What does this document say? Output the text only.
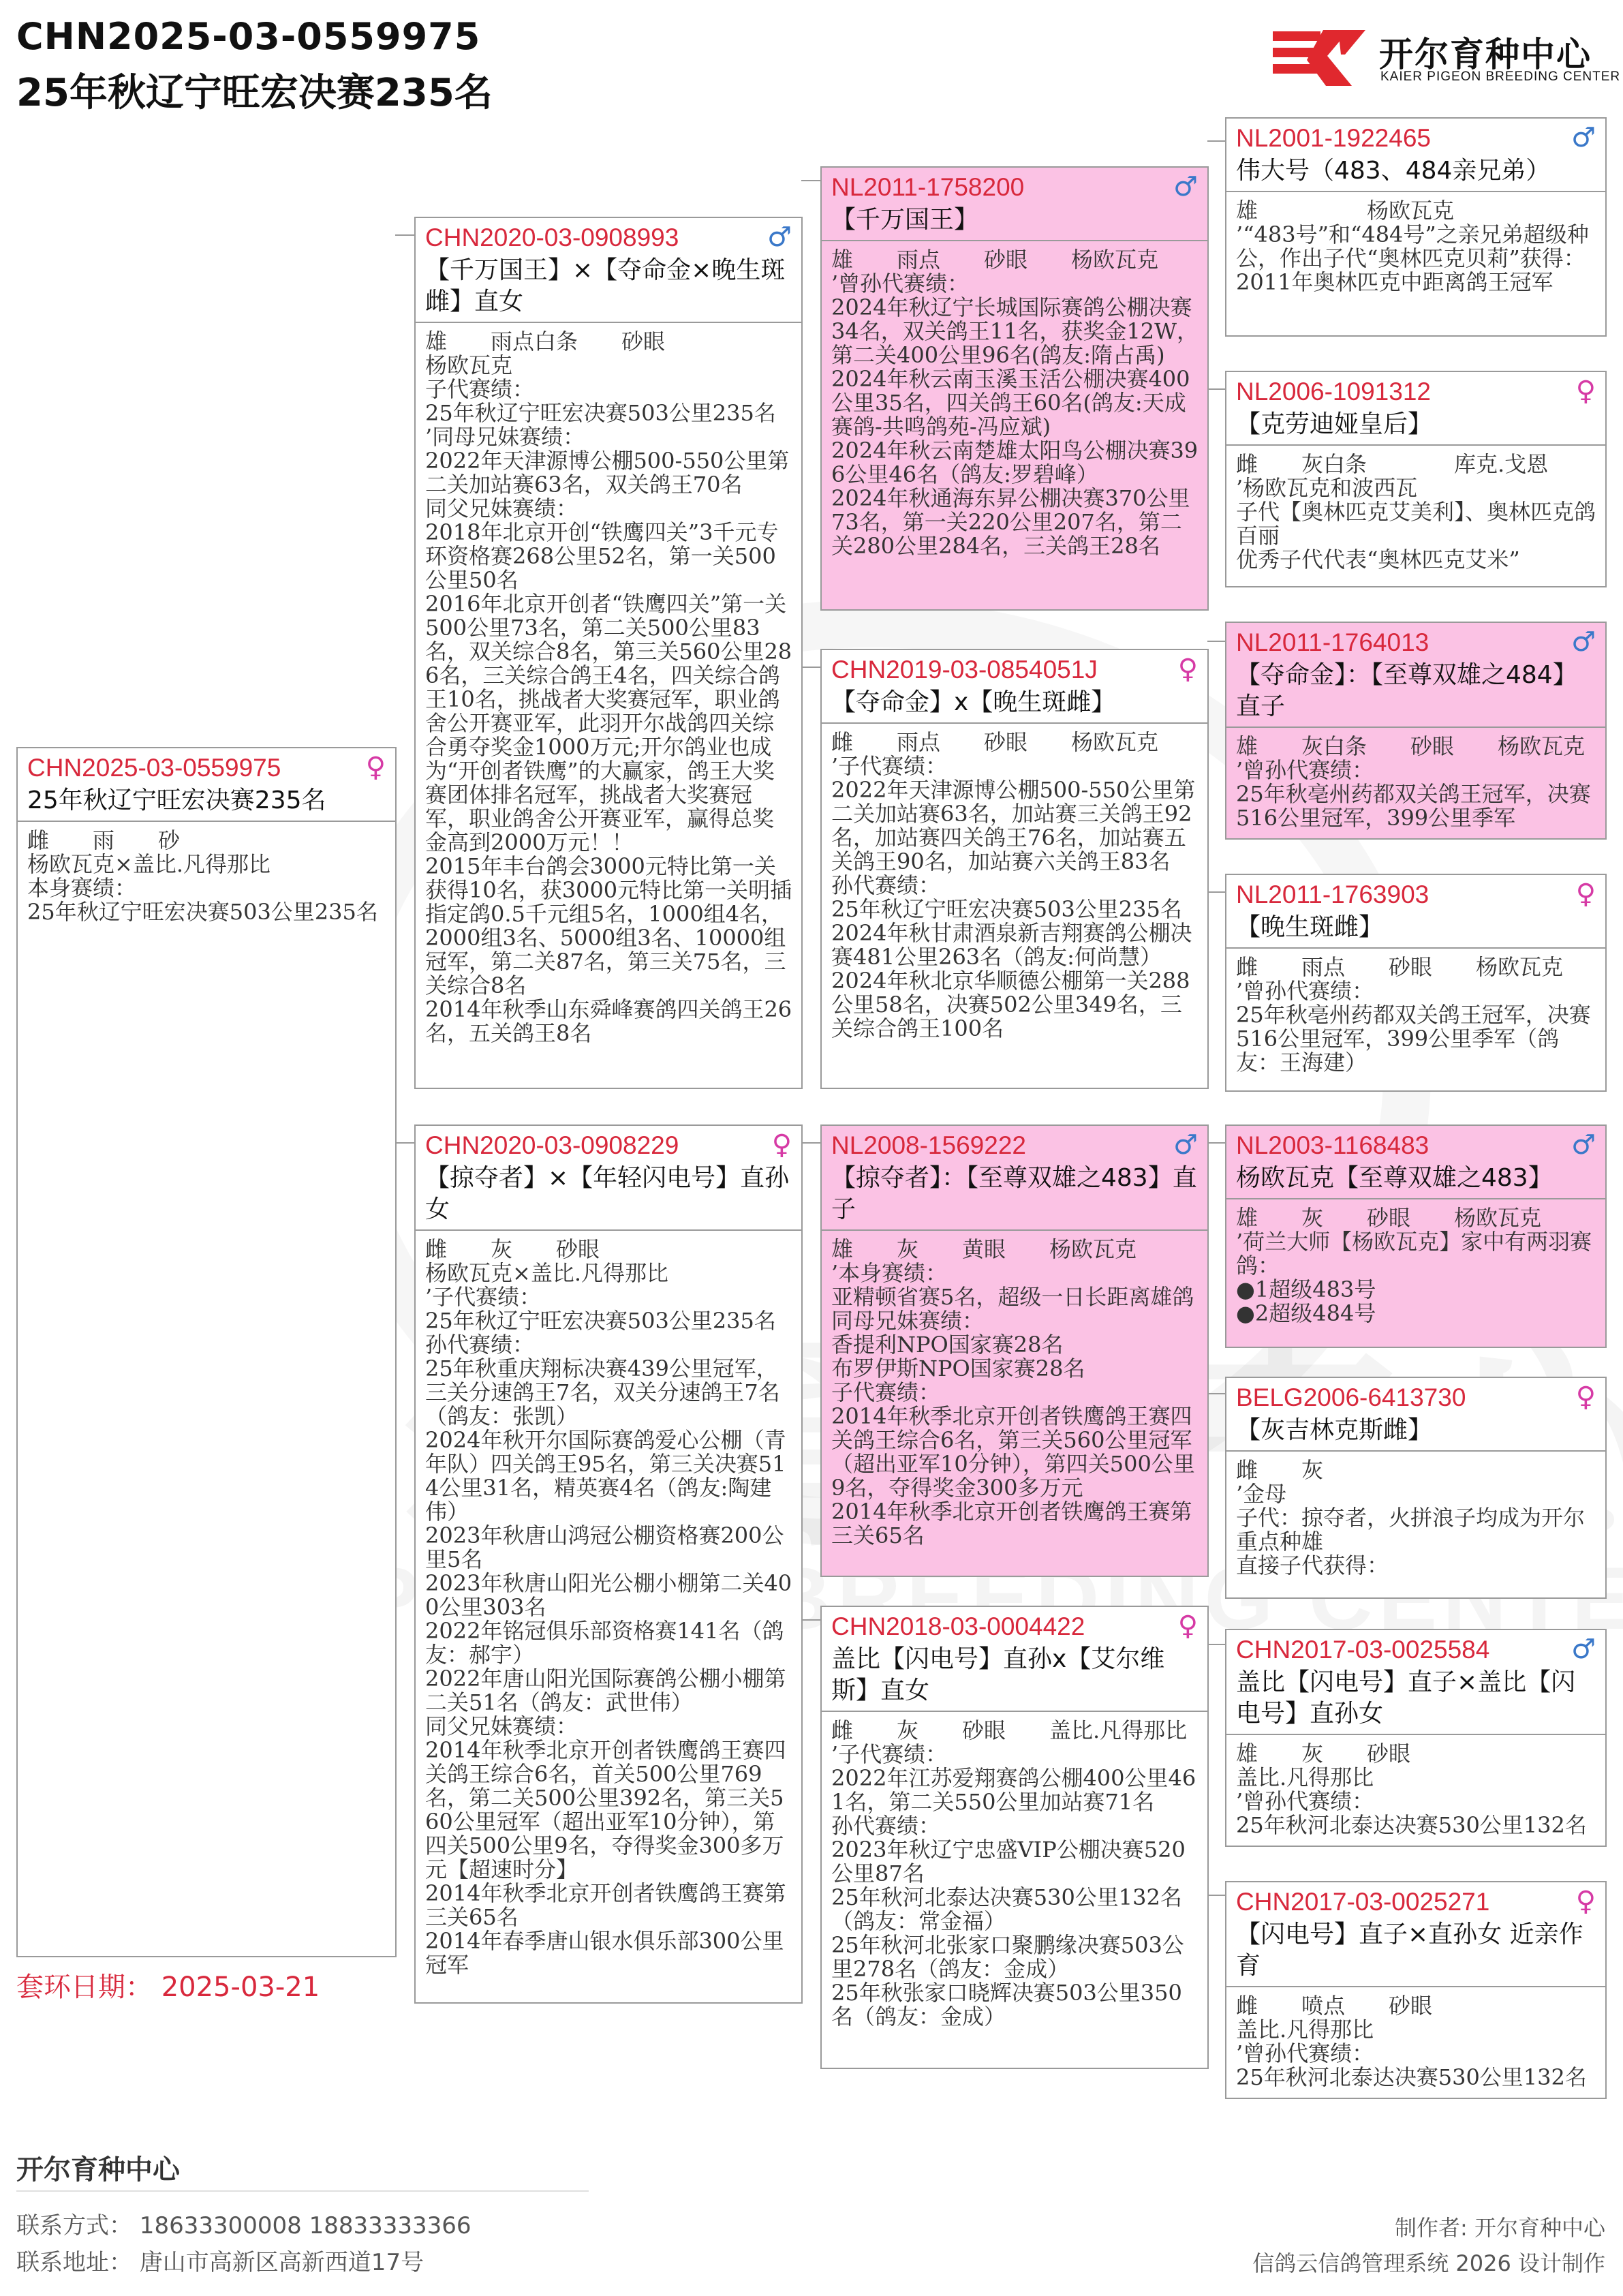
CHN2025-03-0559975
25年秋辽宁旺宏决赛235名
开尔育种中心
KAIER PIGEON BREEDING CENTER
CHN2025-03-0559975	♀
25年秋辽宁旺宏决赛235名
雌　　雨　　砂
杨欧瓦克×盖比.凡得那比
本身赛绩：
25年秋辽宁旺宏决赛503公里235名
CHN2020-03-0908993	♂
【千万国王】×【夺命金×晚生斑雌】直女
雄　　雨点白条　　砂眼
杨欧瓦克
子代赛绩：
25年秋辽宁旺宏决赛503公里235名
’同母兄妹赛绩：
2022年天津源博公棚500-550公里第二关加站赛63名，双关鸽王70名
同父兄妹赛绩：
2018年北京开创“铁鹰四关”3千元专环资格赛268公里52名，第一关500公里50名
2016年北京开创者“铁鹰四关”第一关500公里73名，第二关500公里83名，双关综合8名，第三关560公里286名，三关综合鸽王4名，四关综合鸽王10名，挑战者大奖赛冠军，职业鸽舍公开赛亚军，此羽开尔战鸽四关综合勇夺奖金1000万元;开尔鸽业也成为“开创者铁鹰”的大赢家，鸽王大奖赛团体排名冠军，挑战者大奖赛冠军，职业鸽舍公开赛亚军，赢得总奖金高到2000万元！！
2015年丰台鸽会3000元特比第一关获得10名，获3000元特比第一关明插指定鸽0.5千元组5名，1000组4名，2000组3名、5000组3名、10000组冠军，第二关87名，第三关75名，三关综合8名
2014年秋季山东舜峰赛鸽四关鸽王26名，五关鸽王8名
CHN2020-03-0908229	♀
【掠夺者】×【年轻闪电号】直孙女
雌　　灰　　砂眼
杨欧瓦克×盖比.凡得那比
’子代赛绩：
25年秋辽宁旺宏决赛503公里235名
孙代赛绩：
25年秋重庆翔标决赛439公里冠军，三关分速鸽王7名，双关分速鸽王7名（鸽友：张凯）
2024年秋开尔国际赛鸽爱心公棚（青年队）四关鸽王95名，第三关决赛514公里31名，精英赛4名（鸽友:陶建伟）
2023年秋唐山鸿冠公棚资格赛200公里5名
2023年秋唐山阳光公棚小棚第二关400公里303名
2022年铭冠俱乐部资格赛141名（鸽友：郝宇）
2022年唐山阳光国际赛鸽公棚小棚第二关51名（鸽友：武世伟）
同父兄妹赛绩：
2014年秋季北京开创者铁鹰鸽王赛四关鸽王综合6名，首关500公里769名，第二关500公里392名，第三关560公里冠军（超出亚军10分钟），第四关500公里9名，夺得奖金300多万元【超速时分】
2014年秋季北京开创者铁鹰鸽王赛第三关65名
2014年春季唐山银水俱乐部300公里冠军
NL2011-1758200	♂
【千万国王】
雄　　雨点　　砂眼　　杨欧瓦克
’曾孙代赛绩：
2024年秋辽宁长城国际赛鸽公棚决赛34名，双关鸽王11名，获奖金12W，第二关400公里96名(鸽友:隋占禹)
2024年秋云南玉溪玉活公棚决赛400公里35名，四关鸽王60名(鸽友:天成赛鸽-共鸣鸽苑-冯应斌)
2024年秋云南楚雄太阳鸟公棚决赛396公里46名（鸽友:罗碧峰）
2024年秋通海东昇公棚决赛370公里73名，第一关220公里207名，第二关280公里284名，三关鸽王28名
CHN2019-03-0854051J	♀
【夺命金】x【晚生斑雌】
雌　　雨点　　砂眼　　杨欧瓦克
’子代赛绩：
2022年天津源博公棚500-550公里第二关加站赛63名，加站赛三关鸽王92名，加站赛四关鸽王76名，加站赛五关鸽王90名，加站赛六关鸽王83名
孙代赛绩：
25年秋辽宁旺宏决赛503公里235名
2024年秋甘肃酒泉新吉翔赛鸽公棚决赛481公里263名（鸽友:何尚慧）
2024年秋北京华顺德公棚第一关288公里58名，决赛502公里349名，三关综合鸽王100名
NL2008-1569222	♂
【掠夺者】：【至尊双雄之483】直子
雄　　灰　　黄眼　　杨欧瓦克
’本身赛绩：
亚精顿省赛5名，超级一日长距离雄鸽
同母兄妹赛绩：
香提利NPO国家赛28名
布罗伊斯NPO国家赛28名
子代赛绩：
2014年秋季北京开创者铁鹰鸽王赛四关鸽王综合6名，第三关560公里冠军（超出亚军10分钟），第四关500公里9名，夺得奖金300多万元
2014年秋季北京开创者铁鹰鸽王赛第三关65名
CHN2018-03-0004422	♀
盖比【闪电号】直孙x【艾尔维斯】直女
雌　　灰　　砂眼　　盖比.凡得那比
’子代赛绩：
2022年江苏爱翔赛鸽公棚400公里461名，第二关550公里加站赛71名
孙代赛绩：
2023年秋辽宁忠盛VIP公棚决赛520公里87名
25年秋河北泰达决赛530公里132名（鸽友：常金福）
25年秋河北张家口聚鹏缘决赛503公里278名（鸽友：金成）
25年秋张家口晓辉决赛503公里350名（鸽友：金成）
NL2001-1922465	♂
伟大号（483、484亲兄弟）
雄　　　　　杨欧瓦克
’“483号”和“484号”之亲兄弟超级种公，作出子代“奥林匹克贝莉”获得：
2011年奥林匹克中距离鸽王冠军
NL2006-1091312	♀
【克劳迪娅皇后】
雌　　灰白条　　　　库克.戈恩
’杨欧瓦克和波西瓦
子代【奥林匹克艾美利】、奥林匹克鸽百丽
优秀子代代表“奥林匹克艾米”
NL2011-1764013	♂
【夺命金】：【至尊双雄之484】直子
雄　　灰白条　　砂眼　　杨欧瓦克
’曾孙代赛绩：
25年秋亳州药都双关鸽王冠军，决赛516公里冠军，399公里季军
NL2011-1763903	♀
【晚生斑雌】
雌　　雨点　　砂眼　　杨欧瓦克
’曾孙代赛绩：
25年秋亳州药都双关鸽王冠军，决赛516公里冠军，399公里季军（鸽友：王海建）
NL2003-1168483	♂
杨欧瓦克【至尊双雄之483】
雄　　灰　　砂眼　　杨欧瓦克
’荷兰大师【杨欧瓦克】家中有两羽赛鸽：
●1超级483号
●2超级484号
BELG2006-6413730	♀
【灰吉林克斯雌】
雌　　灰
’金母
子代：掠夺者，火拼浪子均成为开尔重点种雄
直接子代获得：
CHN2017-03-0025584	♂
盖比【闪电号】直子×盖比【闪电号】直孙女
雄　　灰　　砂眼
盖比.凡得那比
’曾孙代赛绩：
25年秋河北泰达决赛530公里132名
CHN2017-03-0025271	♀
【闪电号】直子×直孙女 近亲作育
雌　　喷点　　砂眼
盖比.凡得那比
’曾孙代赛绩：
25年秋河北泰达决赛530公里132名
套环日期： 2025-03-21
开尔育种中心
联系方式： 18633300008 18833333366
联系地址： 唐山市高新区高新西道17号
制作者: 开尔育种中心
信鸽云信鸽管理系统 2026 设计制作
